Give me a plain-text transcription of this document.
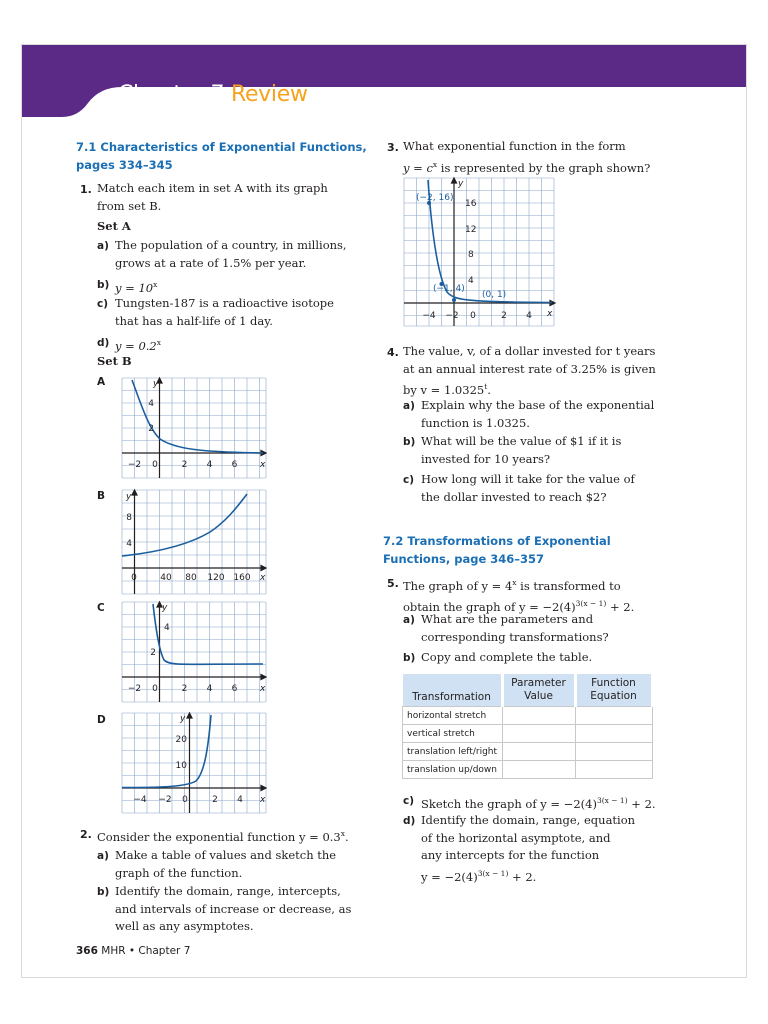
Chapter 7 Review
7.1 Characteristics of Exponential Functions,
pages 334–345
1. Match each item in set A with its graph
from set B.
Set A
a) The population of a country, in millions,
grows at a rate of 1.5% per year.
b) $y = 10^x$
c) Tungsten-187 is a radioactive isotope
that has a half-life of 1 day.
d) $y = 0.2^x$
Set B
A	y
x
4
2
−2 0	2 4 6
B y
x
8
4
0	40 80 120 160
C	y
x
4
2
−2 0	2 4 6
D	y
x
20
10
−4 −2 0	2 4
2. Consider the exponential function $y = 0.3^x$.
a) Make a table of values and sketch the
graph of the function.
b) Identify the domain, range, intercepts,
and intervals of increase or decrease, as
well as any asymptotes.
3. What exponential function in the form
$y = c^x$ is represented by the graph shown?
y
x
16
12
8
4
−4 −2 0	2 4
(−2, 16)
(−1, 4)
(0, 1)
4. The value, v, of a dollar invested for t years
at an annual interest rate of 3.25% is given
by $v = 1.0325^t$.
a) Explain why the base of the exponential
function is 1.0325.
b) What will be the value of $1 if it is
invested for 10 years?
c) How long will it take for the value of
the dollar invested to reach $2?
7.2 Transformations of Exponential
Functions, page 346–357
5. The graph of $y = 4^x$ is transformed to
obtain the graph of $y = -2(4)^{3(x - 1)} + 2$.
a) What are the parameters and
corresponding transformations?
b) Copy and complete the table.
Transformation	Parameter Value	Function Equation
horizontal stretch		
vertical stretch		
translation left/right		
translation up/down		
c) Sketch the graph of $y = -2(4)^{3(x - 1)} + 2$.
d) Identify the domain, range, equation
of the horizontal asymptote, and
any intercepts for the function
$y = -2(4)^{3(x - 1)} + 2$.
366 MHR • Chapter 7
